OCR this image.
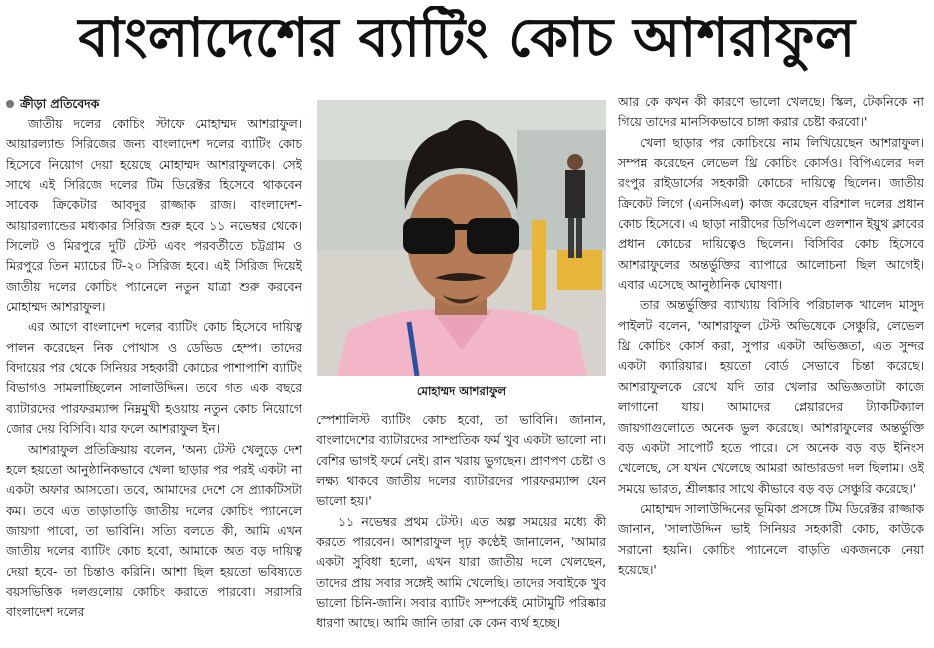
বাংলাদেশের ব্যাটিং কোচ আশরাফুল
ক্রীড়া প্রতিবেদক

জাতীয় দলের কোচিং স্টাফে মোহাম্মদ আশরাফুল। আয়ারল্যান্ড সিরিজের জন্য বাংলাদেশ দলের ব্যাটিং কোচ হিসেবে নিয়োগ দেয়া হয়েছে মোহাম্মদ আশরাফুলকে। সেই সাথে এই সিরিজে দলের টিম ডিরেক্টর হিসেবে থাকবেন সাবেক ক্রিকেটার আবদুর রাজ্জাক রাজ। বাংলাদেশ-আয়ারল্যান্ডের মধ্যকার সিরিজ শুরু হবে ১১ নভেম্বর থেকে। সিলেট ও মিরপুরে দুটি টেস্ট এবং পরবর্তীতে চট্টগ্রাম ও মিরপুরে তিন ম্যাচের টি-২০ সিরিজ হবে। এই সিরিজ দিয়েই জাতীয় দলের কোচিং প্যানেলে নতুন যাত্রা শুরু করবেন মোহাম্মদ আশরাফুল।

এর আগে বাংলাদেশ দলের ব্যাটিং কোচ হিসেবে দায়িত্ব পালন করেছেন নিক পোথাস ও ডেভিড হেম্প। তাদের বিদায়ের পর থেকে সিনিয়র সহকারী কোচের পাশাপাশি ব্যাটিং বিভাগও সামলাচ্ছিলেন সালাউদ্দিন। তবে গত এক বছরে ব্যাটারদের পারফরম্যান্স নিম্নমুখী হওয়ায় নতুন কোচ নিয়োগে জোর দেয় বিসিবি। যার ফলে আশরাফুল ইন।

আশরাফুল প্রতিক্রিয়ায় বলেন, 'অন্য টেস্ট খেলুড়ে দেশ হলে হয়তো আনুষ্ঠানিকভাবে খেলা ছাড়ার পর পরই একটা না একটা অফার আসতো। তবে, আমাদের দেশে সে প্র্যাকটিসটা কম। তবে এত তাড়াতাড়ি জাতীয় দলের কোচিং প্যানেলে জায়গা পাবো, তা ভাবিনি। সত্যি বলতে কী, আমি এখন জাতীয় দলের ব্যাটিং কোচ হবো, আমাকে অত বড় দায়িত্ব দেয়া হবে- তা চিন্তাও করিনি। আশা ছিল হয়তো ভবিষ্যতে বয়সভিত্তিক দলগুলোয় কোচিং করাতে পারবো। সরাসরি বাংলাদেশ দলের

মোহাম্মদ আশরাফুল

স্পেশালিস্ট ব্যাটিং কোচ হবো, তা ভাবিনি। জানান, বাংলাদেশের ব্যাটারদের সাম্প্রতিক ফর্ম খুব একটা ভালো না। বেশির ভাগই ফর্মে নেই। রান খরায় ভুগছেন। প্রাণপণ চেষ্টা ও লক্ষ্য থাকবে জাতীয় দলের ব্যাটারদের পারফরম্যান্স যেন ভালো হয়।'

১১ নভেম্বর প্রথম টেস্ট। এত অল্প সময়ের মধ্যে কী করতে পারবেন। আশরাফুল দৃঢ় কণ্ঠেই জানালেন, 'আমার একটা সুবিধা হলো, এখন যারা জাতীয় দলে খেলছেন, তাদের প্রায় সবার সঙ্গেই আমি খেলেছি। তাদের সবাইকে খুব ভালো চিনি-জানি। সবার ব্যাটিং সম্পর্কেই মোটামুটি পরিষ্কার ধারণা আছে। আমি জানি তারা কে কেন ব্যর্থ হচ্ছে।

আর কে কখন কী কারণে ভালো খেলছে। স্কিল, টেকনিকে না গিয়ে তাদের মানসিকভাবে চাঙ্গা করার চেষ্টা করবো।'

খেলা ছাড়ার পর কোচিংয়ে নাম লিখিয়েছেন আশরাফুল। সম্পন্ন করেছেন লেভেল থ্রি কোচিং কোর্সও। বিপিএলের দল রংপুর রাইডার্সের সহকারী কোচের দায়িত্বে ছিলেন। জাতীয় ক্রিকেট লিগে (এনসিএল) কাজ করেছেন বরিশাল দলের প্রধান কোচ হিসেবে। এ ছাড়া নারীদের ডিপিএলে গুলশান ইয়ুথ ক্লাবের প্রধান কোচের দায়িত্বেও ছিলেন। বিসিবির কোচ হিসেবে আশরাফুলের অন্তর্ভুক্তির ব্যাপারে আলোচনা ছিল আগেই। এবার এসেছে আনুষ্ঠানিক ঘোষণা।

তার অন্তর্ভুক্তির ব্যাখ্যায় বিসিবি পরিচালক খালেদ মাসুদ পাইলট বলেন, 'আশরাফুল টেস্ট অভিষেকে সেঞ্চুরি, লেভেল থ্রি কোচিং কোর্স করা, সুপার একটা অভিজ্ঞতা, এত সুন্দর একটা ক্যারিয়ার। হয়তো বোর্ড সেভাবে চিন্তা করেছে। আশরাফুলকে রেখে যদি তার খেলার অভিজ্ঞতাটা কাজে লাগানো যায়। আমাদের প্লেয়ারদের ট্যাকটিক্যাল জায়গাগুলোতে অনেক ভুল করেছে। আশরাফুলের অন্তর্ভুক্তি বড় একটা সাপোর্ট হতে পারে। সে অনেক বড় বড় ইনিংস খেলেছে, সে যখন খেলেছে আমরা আন্ডারডগ দল ছিলাম। ওই সময়ে ভারত, শ্রীলঙ্কার সাথে কীভাবে বড় বড় সেঞ্চুরি করেছে।'

মোহাম্মদ সালাউদ্দিনের ভূমিকা প্রসঙ্গে টিম ডিরেক্টর রাজ্জাক জানান, 'সালাউদ্দিন ভাই সিনিয়র সহকারী কোচ, কাউকে সরানো হয়নি। কোচিং প্যানেলে বাড়তি একজনকে নেয়া হয়েছে।'
